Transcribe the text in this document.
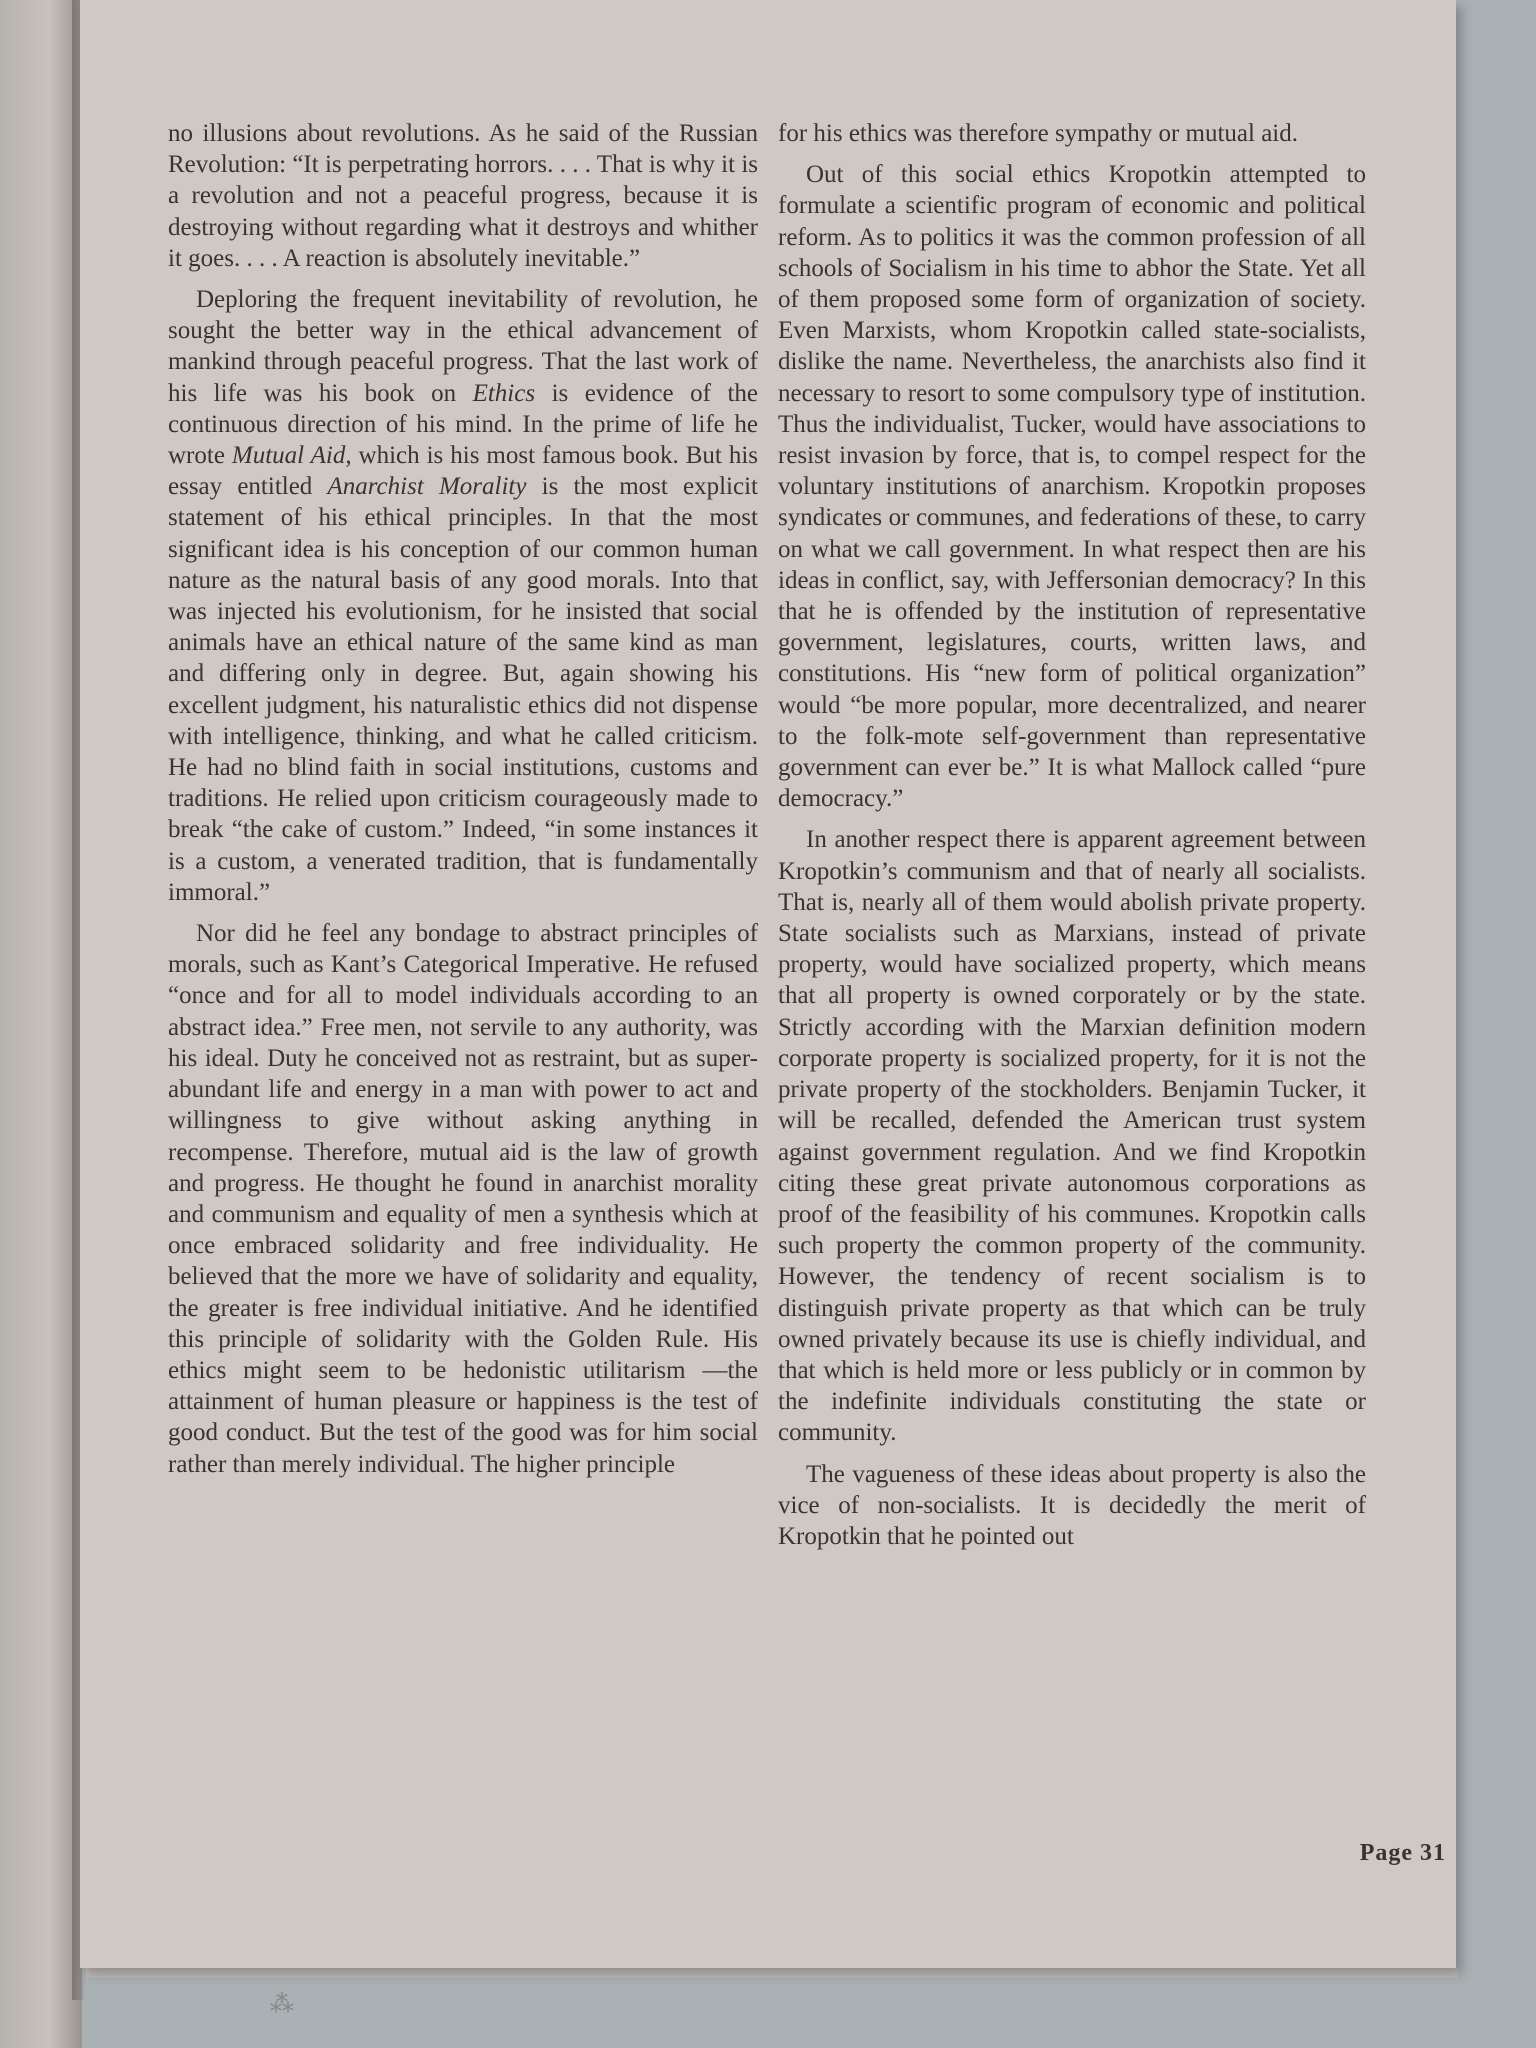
no illusions about revolutions. As he said of the Russian Revolution: “It is perpetrating horrors. . . . That is why it is a revolution and not a peaceful progress, because it is destroying without regarding what it destroys and whither it goes. . . . A reaction is absolutely inevitable.”

Deploring the frequent inevitability of revolution, he sought the better way in the ethical advancement of mankind through peaceful progress. That the last work of his life was his book on Ethics is evidence of the continuous direction of his mind. In the prime of life he wrote Mutual Aid, which is his most famous book. But his essay entitled Anarchist Morality is the most explicit statement of his ethical principles. In that the most significant idea is his conception of our common human nature as the natural basis of any good morals. Into that was injected his evolutionism, for he insisted that social animals have an ethical nature of the same kind as man and differing only in degree. But, again showing his excellent judgment, his naturalistic ethics did not dispense with intelligence, thinking, and what he called criticism. He had no blind faith in social institutions, customs and traditions. He relied upon criticism courageously made to break “the cake of custom.” Indeed, “in some instances it is a custom, a venerated tradition, that is fundamentally immoral.”

Nor did he feel any bondage to abstract principles of morals, such as Kant’s Categorical Imperative. He refused “once and for all to model individuals according to an abstract idea.” Free men, not servile to any authority, was his ideal. Duty he conceived not as restraint, but as super-abundant life and energy in a man with power to act and willingness to give without asking anything in recompense. Therefore, mutual aid is the law of growth and progress. He thought he found in anarchist morality and communism and equality of men a synthesis which at once embraced solidarity and free individuality. He believed that the more we have of solidarity and equality, the greater is free individual initiative. And he identified this principle of solidarity with the Golden Rule. His ethics might seem to be hedonistic utilitarism —the attainment of human pleasure or happiness is the test of good conduct. But the test of the good was for him social rather than merely individual. The higher principle

for his ethics was therefore sympathy or mutual aid.

Out of this social ethics Kropotkin attempted to formulate a scientific program of economic and political reform. As to politics it was the common profession of all schools of Socialism in his time to abhor the State. Yet all of them proposed some form of organization of society. Even Marxists, whom Kropotkin called state-socialists, dislike the name. Nevertheless, the anarchists also find it necessary to resort to some compulsory type of institution. Thus the individualist, Tucker, would have associations to resist invasion by force, that is, to compel respect for the voluntary institutions of anarchism. Kropotkin proposes syndicates or communes, and federations of these, to carry on what we call government. In what respect then are his ideas in conflict, say, with Jeffersonian democracy? In this that he is offended by the institution of representative government, legislatures, courts, written laws, and constitutions. His “new form of political organization” would “be more popular, more decentralized, and nearer to the folk-mote self-government than representative government can ever be.” It is what Mallock called “pure democracy.”

In another respect there is apparent agreement between Kropotkin’s communism and that of nearly all socialists. That is, nearly all of them would abolish private property. State socialists such as Marxians, instead of private property, would have socialized property, which means that all property is owned corporately or by the state. Strictly according with the Marxian definition modern corporate property is socialized property, for it is not the private property of the stockholders. Benjamin Tucker, it will be recalled, defended the American trust system against government regulation. And we find Kropotkin citing these great private autonomous corporations as proof of the feasibility of his communes. Kropotkin calls such property the common property of the community. However, the tendency of recent socialism is to distinguish private property as that which can be truly owned privately because its use is chiefly individual, and that which is held more or less publicly or in common by the indefinite individuals constituting the state or community.

The vagueness of these ideas about property is also the vice of non-socialists. It is decidedly the merit of Kropotkin that he pointed out

Page 31
⁂
